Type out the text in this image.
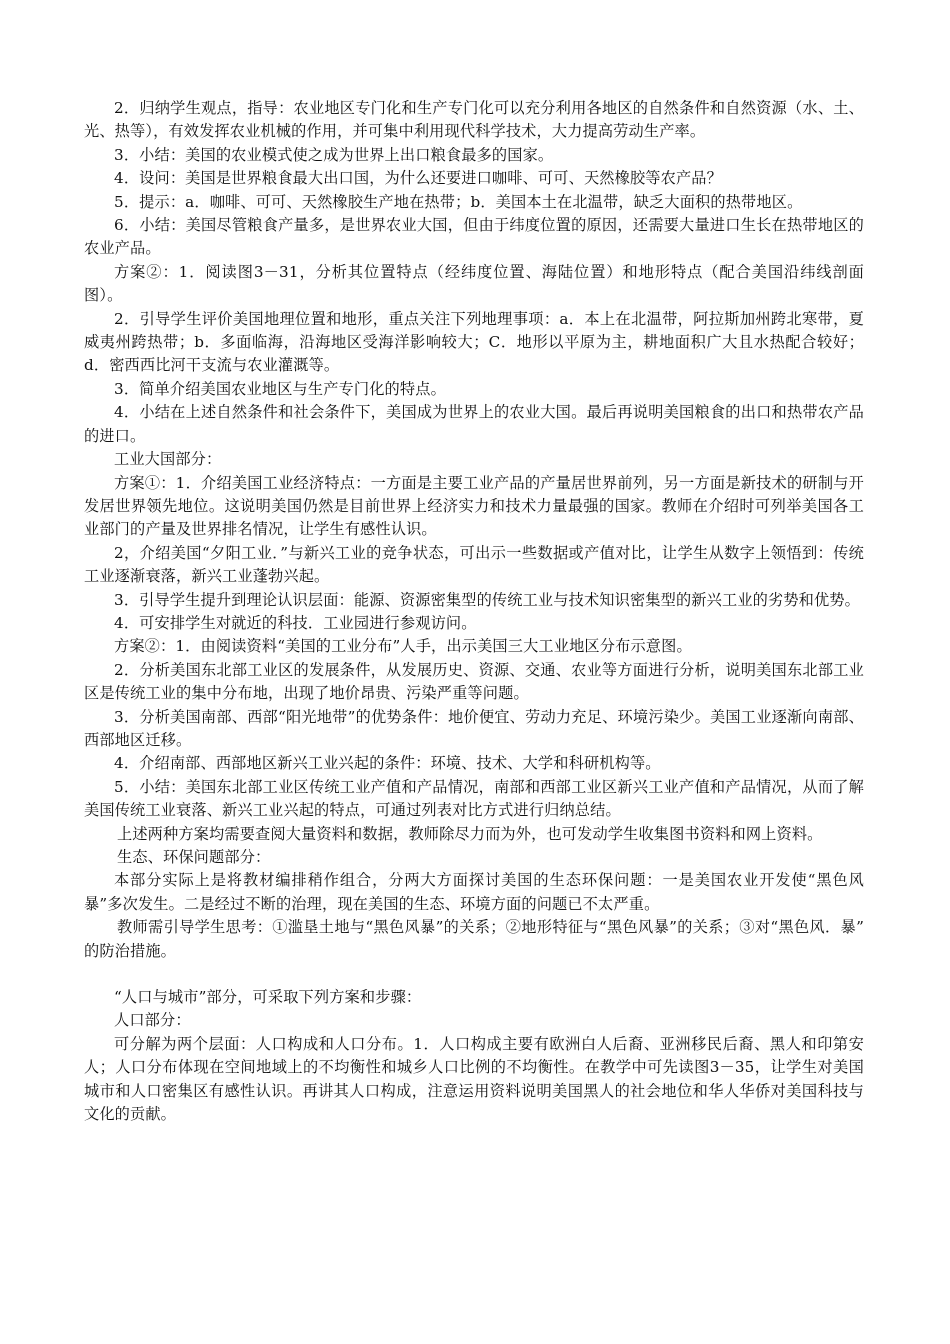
2．归纳学生观点，指导：农业地区专门化和生产专门化可以充分利用各地区的自然条件和自然资源（水、土、光、热等），有效发挥农业机械的作用，并可集中利用现代科学技术，大力提高劳动生产率。

3．小结：美国的农业模式使之成为世界上出口粮食最多的国家。

4．设问：美国是世界粮食最大出口国，为什么还要进口咖啡、可可、天然橡胶等农产品？

5．提示：a．咖啡、可可、天然橡胶生产地在热带；b．美国本土在北温带，缺乏大面积的热带地区。

6．小结：美国尽管粮食产量多，是世界农业大国，但由于纬度位置的原因，还需要大量进口生长在热带地区的农业产品。

方案②：1．阅读图3－31，分析其位置特点（经纬度位置、海陆位置）和地形特点（配合美国沿纬线剖面图）。

2．引导学生评价美国地理位置和地形，重点关注下列地理事项：a．本上在北温带，阿拉斯加州跨北寒带，夏威夷州跨热带；b．多面临海，沿海地区受海洋影响较大；C．地形以平原为主，耕地面积广大且水热配合较好；d．密西西比河干支流与农业灌溉等。

3．简单介绍美国农业地区与生产专门化的特点。

4．小结在上述自然条件和社会条件下，美国成为世界上的农业大国。最后再说明美国粮食的出口和热带农产品的进口。

工业大国部分：

方案①：1．介绍美国工业经济特点：一方面是主要工业产品的产量居世界前列，另一方面是新技术的研制与开发居世界领先地位。这说明美国仍然是目前世界上经济实力和技术力量最强的国家。教师在介绍时可列举美国各工业部门的产量及世界排名情况，让学生有感性认识。

2，介绍美国“夕阳工业．”与新兴工业的竞争状态，可出示一些数据或产值对比，让学生从数字上领悟到：传统工业逐渐衰落，新兴工业蓬勃兴起。

3．引导学生提升到理论认识层面：能源、资源密集型的传统工业与技术知识密集型的新兴工业的劣势和优势。

4．可安排学生对就近的科技．工业园进行参观访问。

方案②：1．由阅读资料“美国的工业分布”人手，出示美国三大工业地区分布示意图。

2．分析美国东北部工业区的发展条件，从发展历史、资源、交通、农业等方面进行分析，说明美国东北部工业区是传统工业的集中分布地，出现了地价昂贵、污染严重等问题。

3．分析美国南部、西部“阳光地带”的优势条件：地价便宜、劳动力充足、环境污染少。美国工业逐渐向南部、西部地区迁移。

4．介绍南部、西部地区新兴工业兴起的条件：环境、技术、大学和科研机构等。

5．小结：美国东北部工业区传统工业产值和产品情况，南部和西部工业区新兴工业产值和产品情况，从而了解美国传统工业衰落、新兴工业兴起的特点，可通过列表对比方式进行归纳总结。

上述两种方案均需要查阅大量资料和数据，教师除尽力而为外，也可发动学生收集图书资料和网上资料。

生态、环保问题部分：

本部分实际上是将教材编排稍作组合，分两大方面探讨美国的生态环保问题：一是美国农业开发使“黑色风暴”多次发生。二是经过不断的治理，现在美国的生态、环境方面的问题已不太严重。

教师需引导学生思考：①滥垦土地与“黑色风暴”的关系；②地形特征与“黑色风暴”的关系；③对“黑色风．暴” 的防治措施。

“人口与城市”部分，可采取下列方案和步骤：

人口部分：

可分解为两个层面：人口构成和人口分布。1．人口构成主要有欧洲白人后裔、亚洲移民后裔、黑人和印第安人；人口分布体现在空间地域上的不均衡性和城乡人口比例的不均衡性。在教学中可先读图3－35，让学生对美国城市和人口密集区有感性认识。再讲其人口构成，注意运用资料说明美国黑人的社会地位和华人华侨对美国科技与文化的贡献。
